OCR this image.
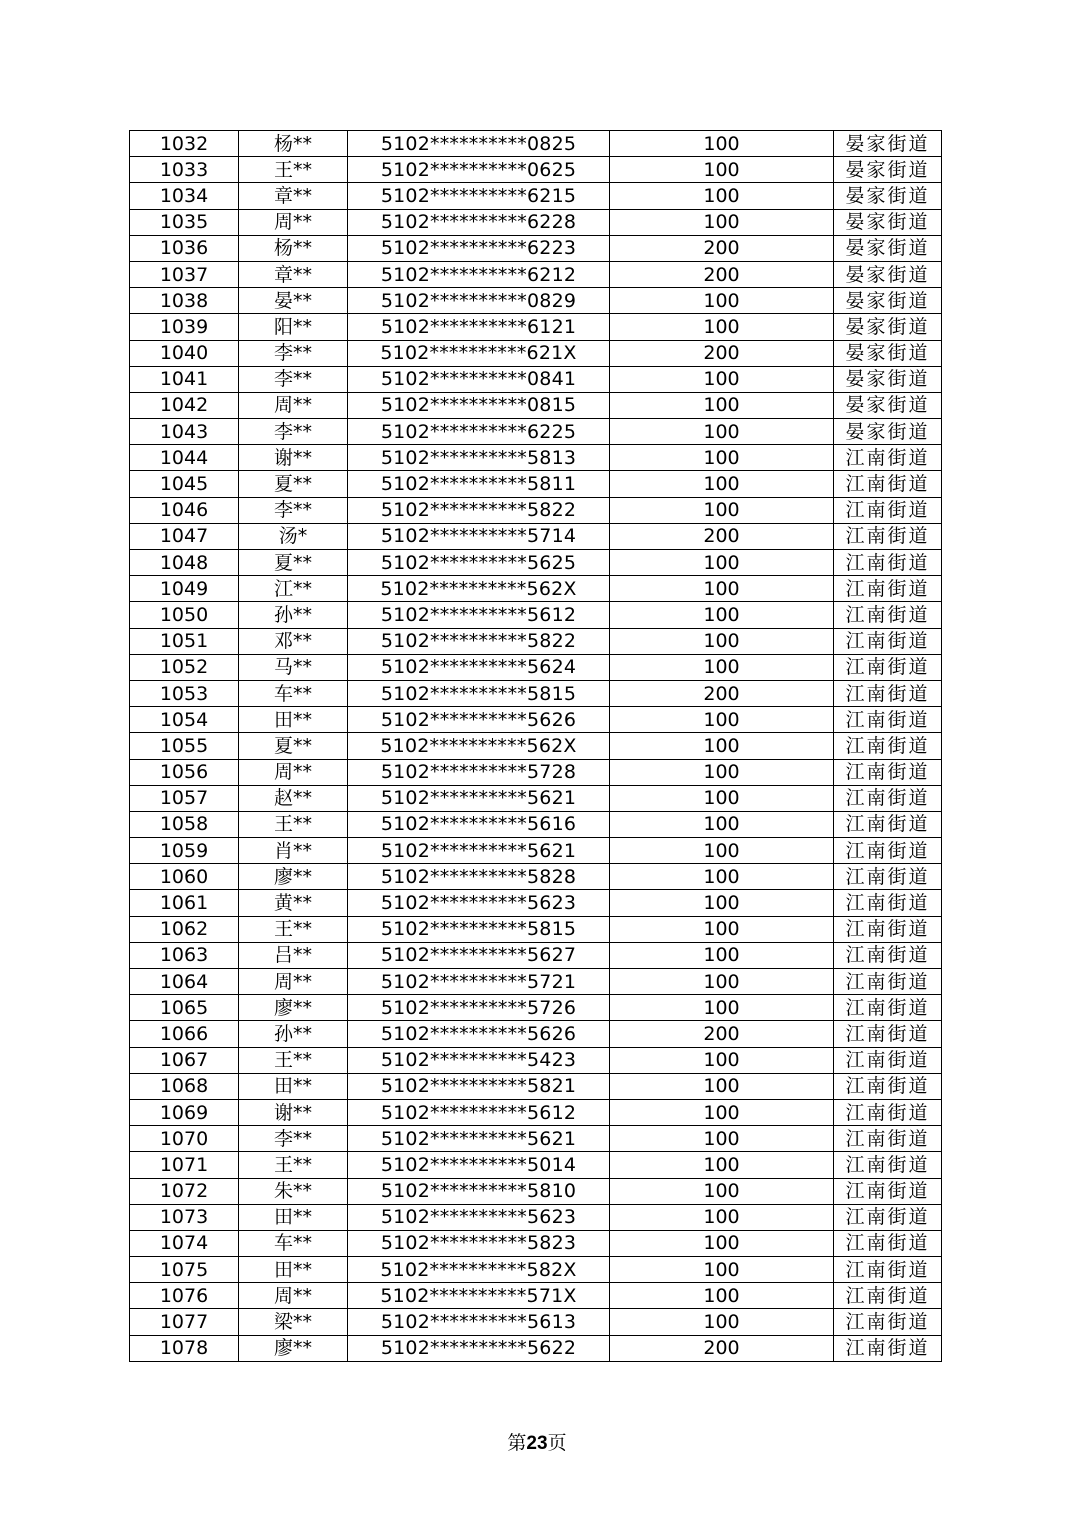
1032	杨**	5102**********0825	100	晏家街道
1033	王**	5102**********0625	100	晏家街道
1034	章**	5102**********6215	100	晏家街道
1035	周**	5102**********6228	100	晏家街道
1036	杨**	5102**********6223	200	晏家街道
1037	章**	5102**********6212	200	晏家街道
1038	晏**	5102**********0829	100	晏家街道
1039	阳**	5102**********6121	100	晏家街道
1040	李**	5102**********621X	200	晏家街道
1041	李**	5102**********0841	100	晏家街道
1042	周**	5102**********0815	100	晏家街道
1043	李**	5102**********6225	100	晏家街道
1044	谢**	5102**********5813	100	江南街道
1045	夏**	5102**********5811	100	江南街道
1046	李**	5102**********5822	100	江南街道
1047	汤*	5102**********5714	200	江南街道
1048	夏**	5102**********5625	100	江南街道
1049	江**	5102**********562X	100	江南街道
1050	孙**	5102**********5612	100	江南街道
1051	邓**	5102**********5822	100	江南街道
1052	马**	5102**********5624	100	江南街道
1053	车**	5102**********5815	200	江南街道
1054	田**	5102**********5626	100	江南街道
1055	夏**	5102**********562X	100	江南街道
1056	周**	5102**********5728	100	江南街道
1057	赵**	5102**********5621	100	江南街道
1058	王**	5102**********5616	100	江南街道
1059	肖**	5102**********5621	100	江南街道
1060	廖**	5102**********5828	100	江南街道
1061	黄**	5102**********5623	100	江南街道
1062	王**	5102**********5815	100	江南街道
1063	吕**	5102**********5627	100	江南街道
1064	周**	5102**********5721	100	江南街道
1065	廖**	5102**********5726	100	江南街道
1066	孙**	5102**********5626	200	江南街道
1067	王**	5102**********5423	100	江南街道
1068	田**	5102**********5821	100	江南街道
1069	谢**	5102**********5612	100	江南街道
1070	李**	5102**********5621	100	江南街道
1071	王**	5102**********5014	100	江南街道
1072	朱**	5102**********5810	100	江南街道
1073	田**	5102**********5623	100	江南街道
1074	车**	5102**********5823	100	江南街道
1075	田**	5102**********582X	100	江南街道
1076	周**	5102**********571X	100	江南街道
1077	梁**	5102**********5613	100	江南街道
1078	廖**	5102**********5622	200	江南街道
第23页
